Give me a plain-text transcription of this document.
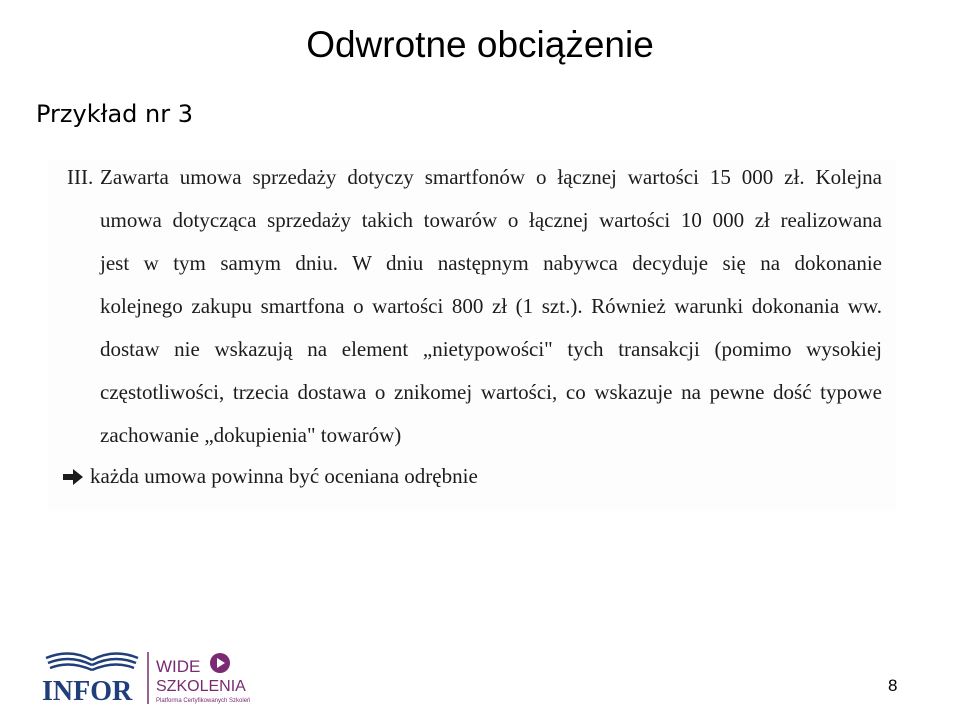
Odwrotne obciążenie
Przykład nr 3
III. Zawarta umowa sprzedaży dotyczy smartfonów o łącznej wartości 15 000 zł. Kolejna
umowa dotycząca sprzedaży takich towarów o łącznej wartości 10 000 zł realizowana
jest w tym samym dniu. W dniu następnym nabywca decyduje się na dokonanie
kolejnego zakupu smartfona o wartości 800 zł (1 szt.). Również warunki dokonania ww.
dostaw nie wskazują na element „nietypowości" tych transakcji (pomimo wysokiej
częstotliwości, trzecia dostawa o znikomej wartości, co wskazuje na pewne dość typowe
zachowanie „dokupienia" towarów)
każda umowa powinna być oceniana odrębnie
INFOR
WIDE
SZKOLENIA
Platforma Certyfikowanych Szkoleń
8
